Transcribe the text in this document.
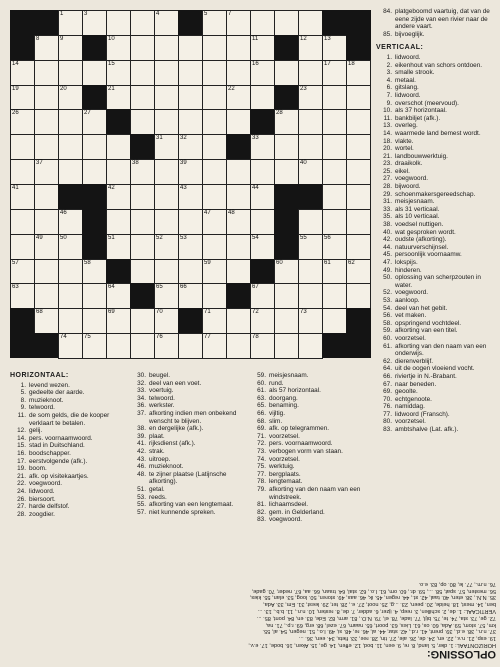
1	3	4	5	7
8	9	10	11	12	13
14	15	16	17	18
19	20	21	22	23
26	27	28
31	32	33
37	38	39	40
41	42	43	44
46	47	48
49	50	51	52	53	54	55	56
57	58	59	60	61	62
63	64	65	66	67
68	69	70	71	72	73
74	75	76	77	78
HORIZONTAAL:
1. levend wezen.
5. gedeelte der aarde.
8. muzieknoot.
9. telwoord.
11. de som gelds, die de kooper verklaart te betalen.
12. gelij.
14. pers. voornaamwoord.
15. stad in Duitschland.
16. boodschapper.
17. eerstvolgende (afk.).
19. boom.
21. afk. op visitekaartjes.
22. voegwoord.
24. lidwoord.
26. biersoort.
27. harde delfstof.
28. zoogdier.
30. beugel.
32. deel van een voet.
33. voertuig.
34. telwoord.
36. werkster.
37. afkorting indien men onbekend wenscht te blijven.
38. en dergelijke (afk.).
39. plaat.
41. rijksdienst (afk.).
42. strak.
43. uitroep.
46. muzieknoot.
48. te zijner plaatse (Latijnsche afkorting).
51. getal.
53. reeds.
55. afkorting van een lengtemaat.
57. niet kunnende spreken.
59. meisjesnaam.
60. rund.
61. als 57 horizontaal.
63. doorgang.
65. benaming.
66. vijltig.
68. slim.
69. afk. op telegrammen.
71. voorzetsel.
72. pers. voornaamwoord.
73. verbogen vorm van staan.
74. voorzetsel.
75. werktuig.
77. bergplaats.
78. lengtemaat.
79. afkorting van den naam van een windstreek.
81. lichaamsdeel.
82. gem. in Gelderland.
83. voegwoord.
84. platgeboomd vaartuig, dat van de eene zijde van een rivier naar de andere vaart.
85. bijvoeglijk.
VERTICAAL:
1. lidwoord.
2. eikenhout van schors ontdoen.
3. smalle strook.
4. metaal.
6. gitslang.
7. lidwoord.
9. overschot (meervoud).
10. als 37 horizontaal.
11. bankbiljet (afk.).
13. overleg.
14. waarmede land bemest wordt.
18. vlakte.
20. wortel.
21. landbouwwerktuig.
23. draaikolk.
25. eikel.
27. voegwoord.
28. bijwoord.
29. schoenmakersgereedschap.
31. meisjesnaam.
33. als 31 verticaal.
35. als 10 verticaal.
38. voedsel nuttigen.
40. wat gesproken wordt.
42. oudste (afkorting).
44. natuurverschijnsel.
45. persoonlijk voornaamw.
47. lokspijs.
49. hinderen.
50. oplossing van scherpzouten in water.
52. voegwoord.
53. aanloop.
54. deel van het gebit.
56. vet maken.
58. opspringend vochtdeel.
59. afkorting van een titel.
60. voorzetsel.
61. afkorting van den naam van een onderwijs.
62. dierenverblijf.
64. uit de oogen vloeiend vocht.
66. riviertje in N.-Brabant.
67. naar beneden.
69. geoolte.
70. echtgenoote.
76. namiddag.
77. lidwoord (Fransch).
80. voorzetsel.
83. ambtshalve (Lat. afk.).
OPLOSSING:
HORIZONTAAL: 1. dier, 5. land, 8. re, 9. een, 11. bod, 12. effen, 14. ge, 15. Aken, 16. bode, 17. e.v.,
19. esp, 21. n.v., 22. en, 24. de, 26. ale, 27. tin, 28. ree, 33. fiets, 34. een, 36. ...
37. n.n., 38. e.d., 39. prent, 41. r.d., 42. star, 44. al, 46. re, 48. si, 49. l.o., 51. negen, 54. al, 55.
km, 57. stom, 59. Ada, 60. os, 61. Lies, 63. poort, 65. naam, 67. ezel, 68. erg, 69. r.p., 71. na,
72. ge, 73. sta, 74. te, 75. bijl, 77. lade, 78. el, 79. N.O., 81. arm, 82. Ede, 83. en, 84. pont, 85. ...
VERTICAAL: 1. de, 2. schillen, 3. reep, 4. ijzer, 6. adder, 7. de, 8. resten, 10. n.n., 11. b.b., 13. ...
ben, 14. mest, 18. heide, 20. peen, 23. ...g, 25. noot, 27. e., 28. ter, 29. leest, 31. Em, 33. Ada,
35. N.N., 38. eten, 40. taal, 42. st., 44. regen, 45. ik, 46. aas, 49. storen, 50. loog, 53. elan, 55. kies,
56. mesten, 57. spat, 58. ..., 59. dr., 60. om, 61. l.o., 62. stal, 64. traan, 66. aa, 67. neder, 70. gade,
76. n.m., 77. le, 80. op, 83. e.o.
